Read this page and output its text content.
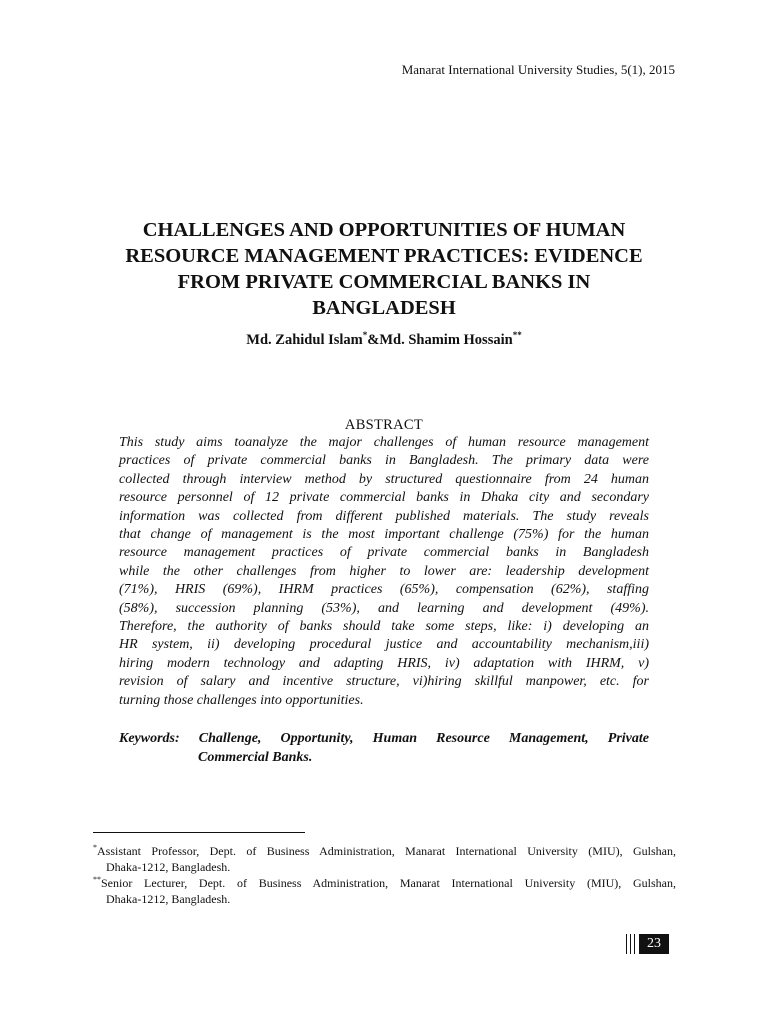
Manarat International University Studies, 5(1), 2015
CHALLENGES AND OPPORTUNITIES OF HUMAN
RESOURCE MANAGEMENT PRACTICES: EVIDENCE
FROM PRIVATE COMMERCIAL BANKS IN
BANGLADESH
Md. Zahidul Islam*&Md. Shamim Hossain**
ABSTRACT

This study aims toanalyze the major challenges of human resource management
practices of private commercial banks in Bangladesh. The primary data were
collected through interview method by structured questionnaire from 24 human
resource personnel of 12 private commercial banks in Dhaka city and secondary
information was collected from different published materials. The study reveals
that change of management is the most important challenge (75%) for the human
resource management practices of private commercial banks in Bangladesh
while the other challenges from higher to lower are: leadership development
(71%), HRIS (69%), IHRM practices (65%), compensation (62%), staffing
(58%), succession planning (53%), and learning and development (49%).
Therefore, the authority of banks should take some steps, like: i) developing an
HR system, ii) developing procedural justice and accountability mechanism,iii)
hiring modern technology and adapting HRIS, iv) adaptation with IHRM, v)
revision of salary and incentive structure, vi)hiring skillful manpower, etc. for
turning those challenges into opportunities.

Keywords: Challenge, Opportunity, Human Resource Management, Private
Commercial Banks.
*Assistant Professor, Dept. of Business Administration, Manarat International University (MIU), Gulshan,
Dhaka-1212, Bangladesh.
**Senior Lecturer, Dept. of Business Administration, Manarat International University (MIU), Gulshan,
Dhaka-1212, Bangladesh.
23
